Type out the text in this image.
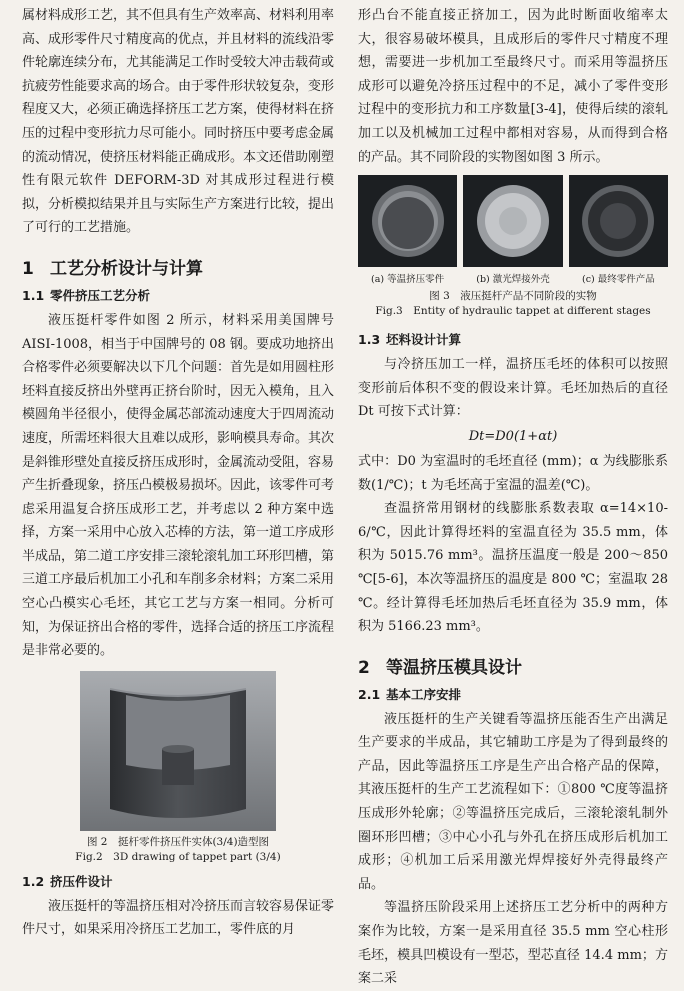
属材料成形工艺，其不但具有生产效率高、材料利用率高、成形零件尺寸精度高的优点，并且材料的流线沿零件轮廓连续分布，尤其能满足工作时受较大冲击载荷或抗疲劳性能要求高的场合。由于零件形状较复杂，变形程度又大，必须正确选择挤压工艺方案，使得材料在挤压的过程中变形抗力尽可能小。同时挤压中要考虑金属的流动情况，使挤压材料能正确成形。本文还借助刚塑性有限元软件 DEFORM-3D 对其成形过程进行模拟，分析模拟结果并且与实际生产方案进行比较，提出了可行的工艺措施。

1 工艺分析设计与计算
1.1 零件挤压工艺分析

液压挺杆零件如图 2 所示，材料采用美国牌号 AISI-1008，相当于中国牌号的 08 钢。要成功地挤出合格零件必须要解决以下几个问题：首先是如用圆柱形坯料直接反挤出外壁再正挤台阶时，因无入模角，且入模圆角半径很小，使得金属芯部流动速度大于四周流动速度，所需坯料很大且难以成形，影响模具寿命。其次是斜锥形壁处直接反挤压成形时，金属流动受阻，容易产生折叠现象，挤压凸模极易损坏。因此，该零件可考虑采用温复合挤压成形工艺，并考虑以 2 种方案中选择，方案一采用中心放入芯棒的方法，第一道工序成形半成品，第二道工序安排三滚轮滚轧加工环形凹槽，第三道工序最后机加工小孔和车削多余材料；方案二采用空心凸模实心毛坯，其它工艺与方案一相同。分析可知，为保证挤出合格的零件，选择合适的挤压工序流程是非常必要的。

图 2　挺杆零件挤压件实体(3/4)造型图
Fig.2　3D drawing of tappet part (3/4)
1.2 挤压件设计

液压挺杆的等温挤压相对冷挤压而言较容易保证零件尺寸，如果采用冷挤压工艺加工，零件底的月

形凸台不能直接正挤加工，因为此时断面收缩率太大，很容易破坏模具，且成形后的零件尺寸精度不理想，需要进一步机加工至最终尺寸。而采用等温挤压成形可以避免冷挤压过程中的不足，减小了零件变形过程中的变形抗力和工序数量[3-4]，使得后续的滚轧加工以及机械加工过程中都相对容易，从而得到合格的产品。其不同阶段的实物图如图 3 所示。

(a) 等温挤压零件	(b) 激光焊接外壳	(c) 最终零件产品
图 3　液压挺杆产品不同阶段的实物
Fig.3　Entity of hydraulic tappet at different stages
1.3 坯料设计计算

与冷挤压加工一样，温挤压毛坯的体积可以按照变形前后体积不变的假设来计算。毛坯加热后的直径 Dt 可按下式计算：

Dt=D0(1+αt)

式中：D0 为室温时的毛坯直径 (mm)；α 为线膨胀系数(1/℃)；t 为毛坯高于室温的温差(℃)。

查温挤常用钢材的线膨胀系数表取 α=14×10-6/℃，因此计算得坯料的室温直径为 35.5 mm，体积为 5015.76 mm³。温挤压温度一般是 200～850 ℃[5-6]，本次等温挤压的温度是 800 ℃；室温取 28 ℃。经计算得毛坯加热后毛坯直径为 35.9 mm，体积为 5166.23 mm³。

2 等温挤压模具设计
2.1 基本工序安排

液压挺杆的生产关键看等温挤压能否生产出满足生产要求的半成品，其它辅助工序是为了得到最终的产品，因此等温挤压工序是生产出合格产品的保障，其液压挺杆的生产工艺流程如下：①800 ℃度等温挤压成形外轮廓；②等温挤压完成后，三滚轮滚轧制外圈环形凹槽；③中心小孔与外孔在挤压成形后机加工成形；④机加工后采用激光焊焊接好外壳得最终产品。

等温挤压阶段采用上述挤压工艺分析中的两种方案作为比较，方案一是采用直径 35.5 mm 空心柱形毛坯，模具凹模设有一型芯，型芯直径 14.4 mm；方案二采
